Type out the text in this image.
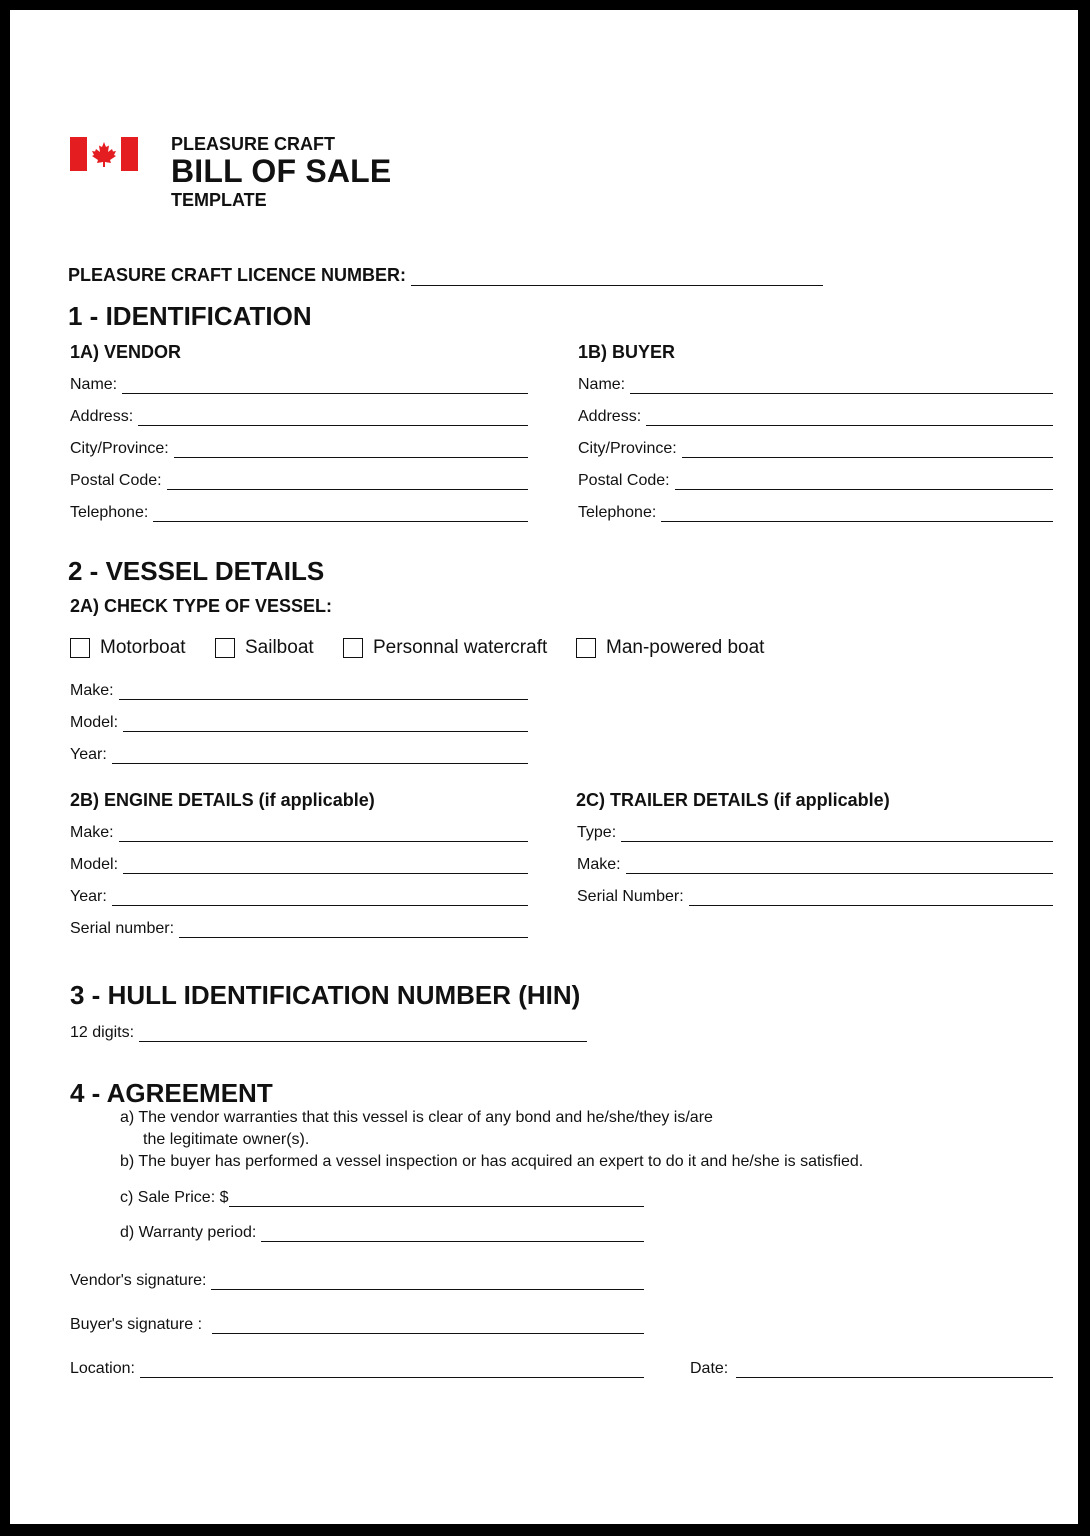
PLEASURE CRAFT
BILL OF SALE
TEMPLATE
PLEASURE CRAFT LICENCE NUMBER:
1 - IDENTIFICATION
1A) VENDOR	1B) BUYER
Name:
Address:
City/Province:
Postal Code:
Telephone:
Name:
Address:
City/Province:
Postal Code:
Telephone:
2 - VESSEL DETAILS
2A) CHECK TYPE OF VESSEL:
Motorboat	Sailboat	Personnal watercraft	Man-powered boat
Make:
Model:
Year:
2B) ENGINE DETAILS (if applicable)	2C) TRAILER DETAILS (if applicable)
Make:
Model:
Year:
Serial number:
Type:
Make:
Serial Number:
3 - HULL IDENTIFICATION NUMBER (HIN)
12 digits:
4 - AGREEMENT
a) The vendor warranties that this vessel is clear of any bond and he/she/they is/are
the legitimate owner(s).
b) The buyer has performed a vessel inspection or has acquired an expert to do it and he/she is satisfied.
c) Sale Price: $
d) Warranty period:
Vendor's signature:
Buyer's signature :
Location:	Date:
